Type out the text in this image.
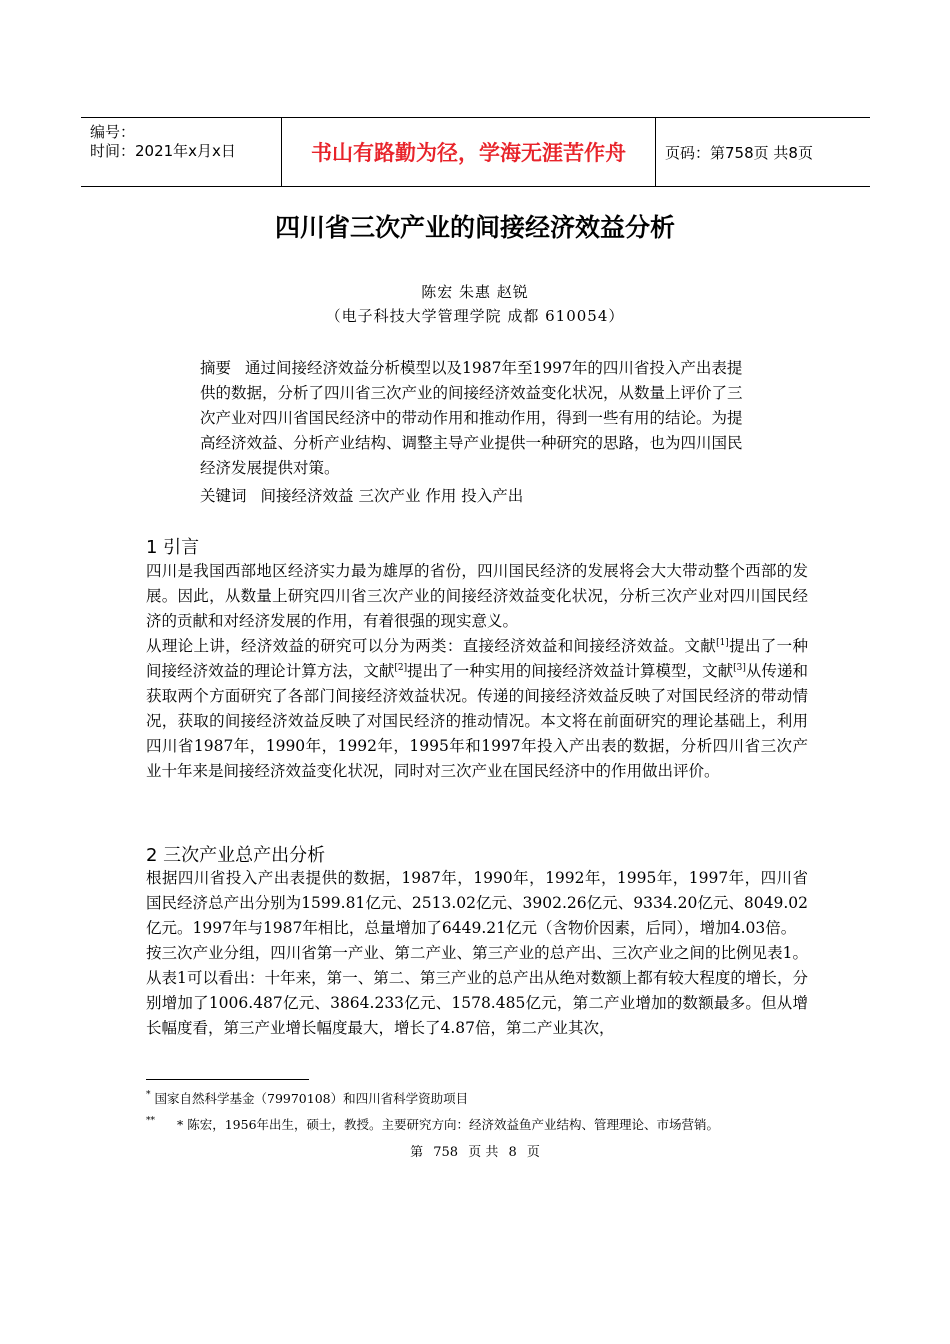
编号：
时间：2021年x月x日	书山有路勤为径，学海无涯苦作舟	页码：第758页 共8页
四川省三次产业的间接经济效益分析
陈宏 朱惠 赵锐
（电子科技大学管理学院 成都 610054）
摘要 通过间接经济效益分析模型以及1987年至1997年的四川省投入产出表提供的数据，分析了四川省三次产业的间接经济效益变化状况，从数量上评价了三次产业对四川省国民经济中的带动作用和推动作用，得到一些有用的结论。为提高经济效益、分析产业结构、调整主导产业提供一种研究的思路，也为四川国民经济发展提供对策。
关键词 间接经济效益 三次产业 作用 投入产出
1 引言

四川是我国西部地区经济实力最为雄厚的省份，四川国民经济的发展将会大大带动整个西部的发展。因此，从数量上研究四川省三次产业的间接经济效益变化状况，分析三次产业对四川国民经济的贡献和对经济发展的作用，有着很强的现实意义。

从理论上讲，经济效益的研究可以分为两类：直接经济效益和间接经济效益。文献[1]提出了一种间接经济效益的理论计算方法，文献[2]提出了一种实用的间接经济效益计算模型，文献[3]从传递和获取两个方面研究了各部门间接经济效益状况。传递的间接经济效益反映了对国民经济的带动情况，获取的间接经济效益反映了对国民经济的推动情况。本文将在前面研究的理论基础上，利用四川省1987年，1990年，1992年，1995年和1997年投入产出表的数据，分析四川省三次产业十年来是间接经济效益变化状况，同时对三次产业在国民经济中的作用做出评价。

2 三次产业总产出分析

根据四川省投入产出表提供的数据，1987年，1990年，1992年，1995年，1997年，四川省国民经济总产出分别为1599.81亿元、2513.02亿元、3902.26亿元、9334.20亿元、8049.02亿元。1997年与1987年相比，总量增加了6449.21亿元（含物价因素，后同），增加4.03倍。

按三次产业分组，四川省第一产业、第二产业、第三产业的总产出、三次产业之间的比例见表1。从表1可以看出：十年来，第一、第二、第三产业的总产出从绝对数额上都有较大程度的增长，分别增加了1006.487亿元、3864.233亿元、1578.485亿元，第二产业增加的数额最多。但从增长幅度看，第三产业增长幅度最大，增长了4.87倍，第二产业其次，

* 国家自然科学基金（79970108）和四川省科学资助项目
** * 陈宏，1956年出生，硕士，教授。主要研究方向：经济效益鱼产业结构、管理理论、市场营销。
第 758 页 共 8 页
